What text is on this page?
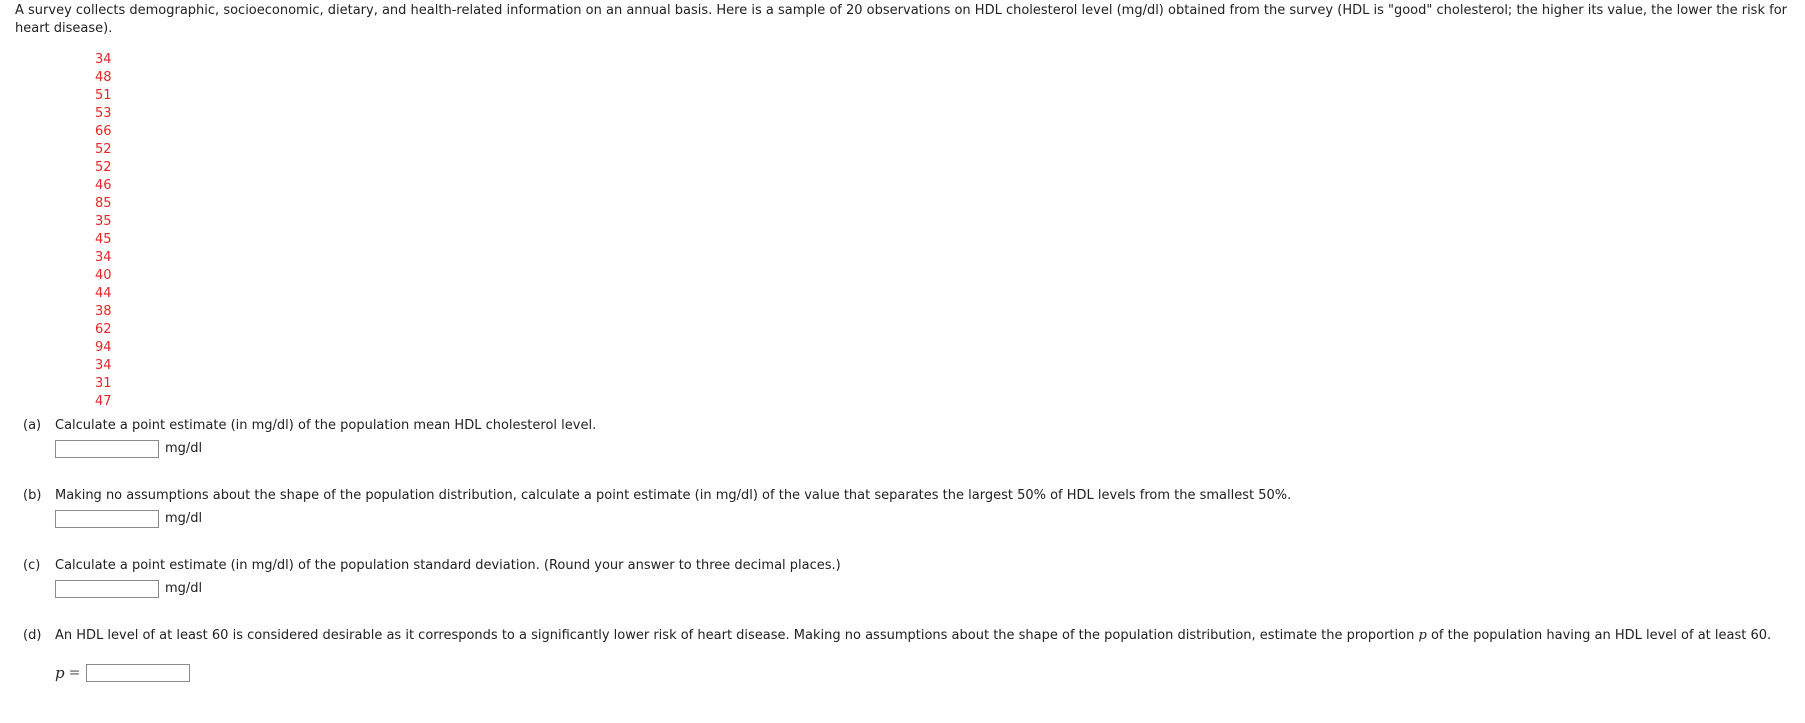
A survey collects demographic, socioeconomic, dietary, and health-related information on an annual basis. Here is a sample of 20 observations on HDL cholesterol level (mg/dl) obtained from the survey (HDL is "good" cholesterol; the higher its value, the lower the risk for heart disease).

34
48
51
53
66
52
52
46
85
35
45
34
40
44
38
62
94
34
31
47
(a) Calculate a point estimate (in mg/dl) of the population mean HDL cholesterol level.
mg/dl
(b) Making no assumptions about the shape of the population distribution, calculate a point estimate (in mg/dl) of the value that separates the largest 50% of HDL levels from the smallest 50%.
mg/dl
(c) Calculate a point estimate (in mg/dl) of the population standard deviation. (Round your answer to three decimal places.)
mg/dl
(d) An HDL level of at least 60 is considered desirable as it corresponds to a significantly lower risk of heart disease. Making no assumptions about the shape of the population distribution, estimate the proportion p of the population having an HDL level of at least 60.
p =
